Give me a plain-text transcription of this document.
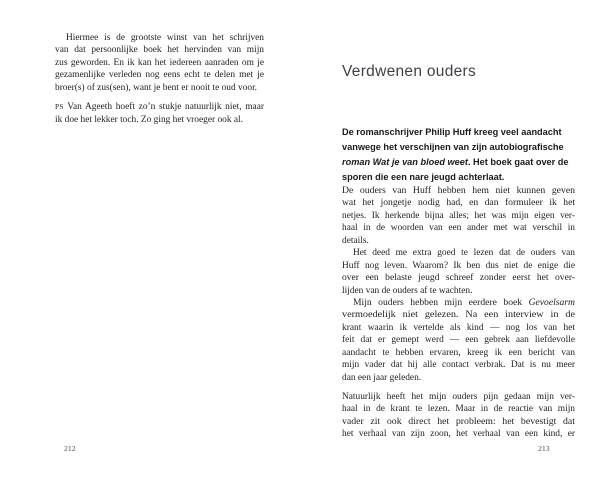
Hiermee is de grootste winst van het schrijven
van dat persoonlijke boek het hervinden van mijn
zus geworden. En ik kan het iedereen aanraden om je
gezamenlijke verleden nog eens echt te delen met je
broer(s) of zus(sen), want je bent er nooit te oud voor.
PS Van Ageeth hoeft zo’n stukje natuurlijk niet, maar
ik doe het lekker toch. Zo ging het vroeger ook al.
212
Verdwenen ouders
De romanschrijver Philip Huff kreeg veel aandacht
vanwege het verschijnen van zijn autobiografische
roman Wat je van bloed weet. Het boek gaat over de
sporen die een nare jeugd achterlaat.
De ouders van Huff hebben hem niet kunnen geven
wat het jongetje nodig had, en dan formuleer ik het
netjes. Ik herkende bijna alles; het was mijn eigen ver-
haal in de woorden van een ander met wat verschil in
details.
Het deed me extra goed te lezen dat de ouders van
Huff nog leven. Waarom? Ik ben dus niet de enige die
over een belaste jeugd schreef zonder eerst het over-
lijden van de ouders af te wachten.
Mijn ouders hebben mijn eerdere boek Gevoelsarm
vermoedelijk niet gelezen. Na een interview in de
krant waarin ik vertelde als kind — nog los van het
feit dat er gemept werd — een gebrek aan liefdevolle
aandacht te hebben ervaren, kreeg ik een bericht van
mijn vader dat hij alle contact verbrak. Dat is nu meer
dan een jaar geleden.
Natuurlijk heeft het mijn ouders pijn gedaan mijn ver-
haal in de krant te lezen. Maar in de reactie van mijn
vader zit ook direct het probleem: het bevestigt dat
het verhaal van zijn zoon, het verhaal van een kind, er
213
